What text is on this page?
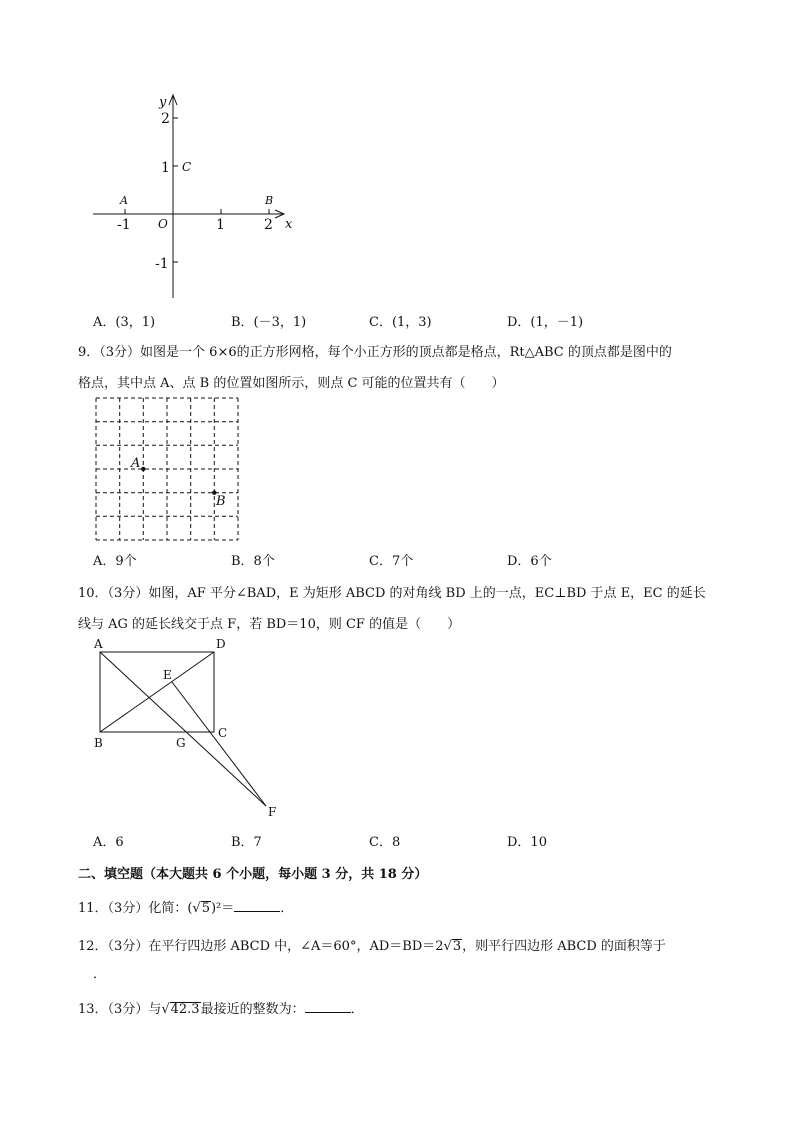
y
x
O
2
1
-1
-1	1	2
A	B
C
A．(3，1)	B．(－3，1)	C．(1，3)	D．(1，－1)
9．（3分）如图是一个 6×6的正方形网格，每个小正方形的顶点都是格点，Rt△ABC 的顶点都是图中的
格点，其中点 A、点 B 的位置如图所示，则点 C 可能的位置共有（　　）
A
B
A．9个	B．8个	C．7个	D．6个
10．（3分）如图，AF 平分∠BAD，E 为矩形 ABCD 的对角线 BD 上的一点，EC⊥BD 于点 E，EC 的延长
线与 AG 的延长线交于点 F，若 BD＝10，则 CF 的值是（　　）
A	D
E
B	G
C
F
A．6	B．7	C．8	D．10
二、填空题（本大题共 6 个小题，每小题 3 分，共 18 分）
11．（3分）化简：(√5)²＝	．
12．（3分）在平行四边形 ABCD 中，∠A＝60°，AD＝BD＝2√3，则平行四边形 ABCD 的面积等于
．
13．（3分）与√42.3最接近的整数为：	．
